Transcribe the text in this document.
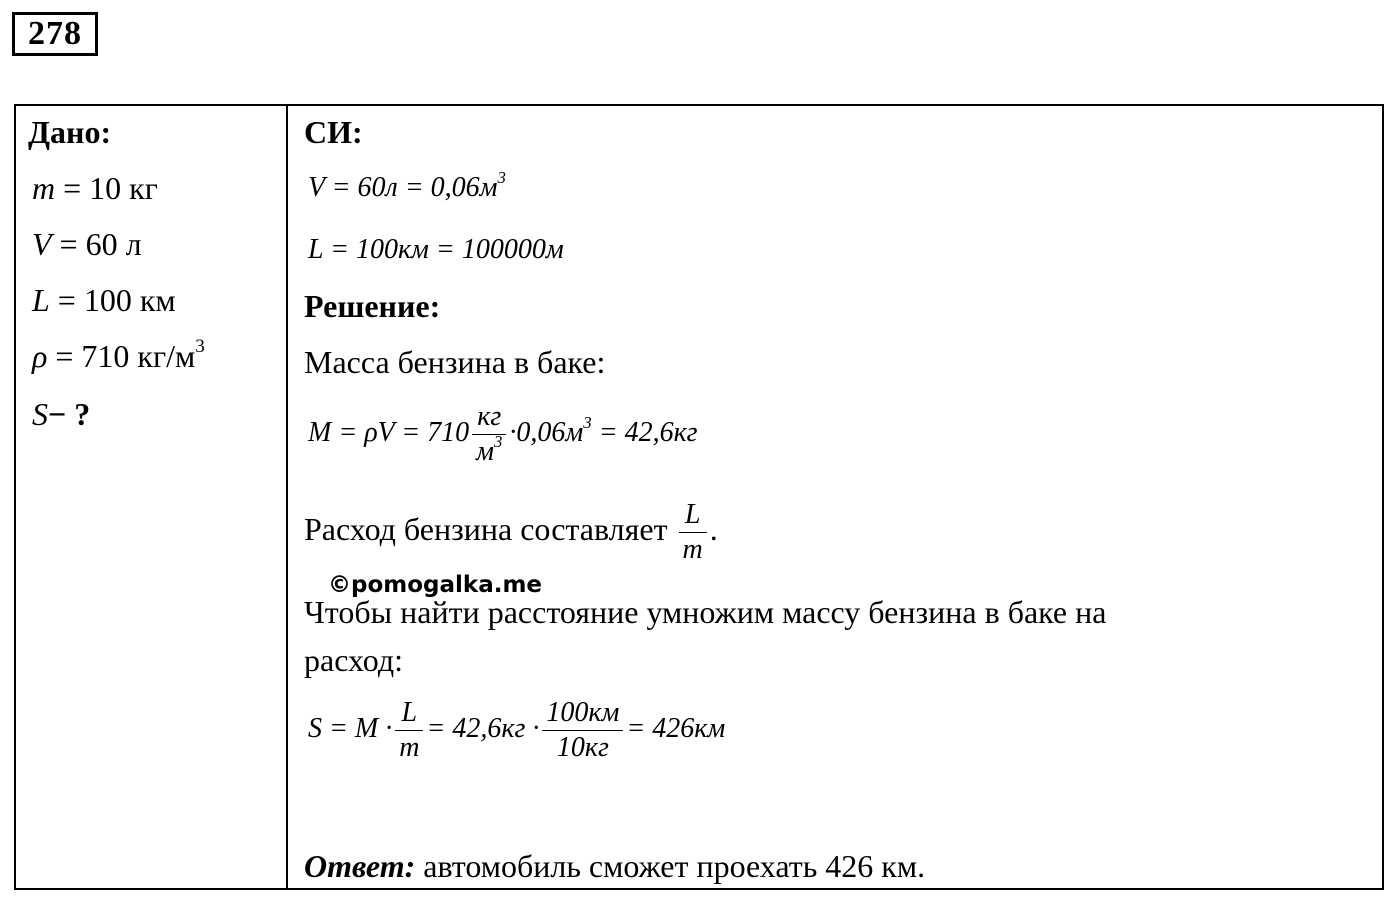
278
Дано:
m = 10 кг
V = 60 л
L = 100 км
ρ = 710 $кг/м^3$
S− ?
СИ:
$V = 60л = 0,06м^3$
L = 100км = 100000м
Решение:
Масса бензина в баке:
$M = \rho V = 710 \frac{кг}{м^3} \cdot 0,06м^3 = 42,6кг$
Расход бензина составляет $\frac{L}{m}$ .
©pomogalka.me
Чтобы найти расстояние умножим массу бензина в баке на
расход:
$S = M \cdot \frac{L}{m} = 42,6кг \cdot \frac{100км}{10кг} = 426км$
Ответ: автомобиль сможет проехать 426 км.
